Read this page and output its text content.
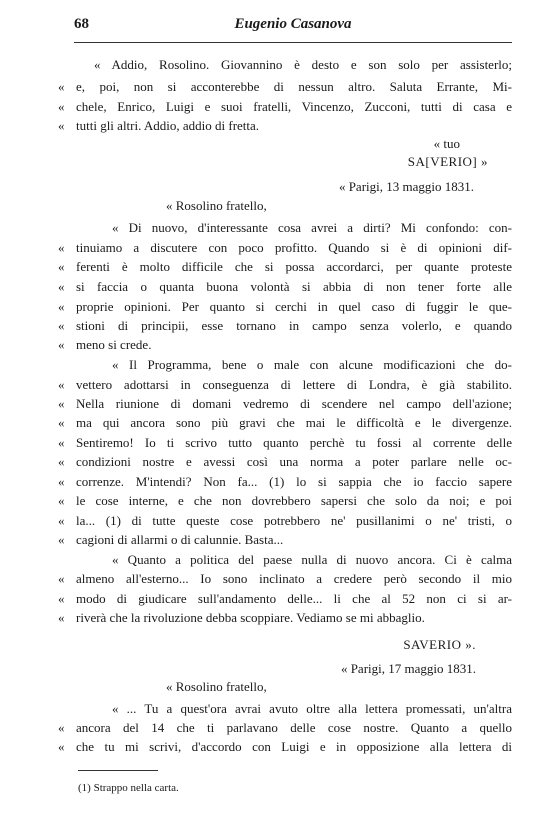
68	Eugenio Casanova
« Addio, Rosolino. Giovannino è desto e son solo per assisterlo;
« e, poi, non si acconterebbe di nessun altro. Saluta Errante, Mi-
« chele, Enrico, Luigi e suoi fratelli, Vincenzo, Zucconi, tutti di casa e
« tutti gli altri. Addio, addio di fretta.
« tuo
SA[VERIO] »
« Parigi, 13 maggio 1831.
« Rosolino fratello,
« Di nuovo, d'interessante cosa avrei a dirti? Mi confondo: con-
« tinuiamo a discutere con poco profitto. Quando si è di opinioni dif-
« ferenti è molto difficile che si possa accordarci, per quante proteste
« si faccia o quanta buona volontà si abbia di non tener forte alle
« proprie opinioni. Per quanto si cerchi in quel caso di fuggir le que-
« stioni di principii, esse tornano in campo senza volerlo, e quando
« meno si crede.
« Il Programma, bene o male con alcune modificazioni che do-
« vettero adottarsi in conseguenza di lettere di Londra, è già stabilito.
« Nella riunione di domani vedremo di scendere nel campo dell'azione;
« ma qui ancora sono più gravi che mai le difficoltà e le divergenze.
« Sentiremo! Io ti scrivo tutto quanto perchè tu fossi al corrente delle
« condizioni nostre e avessi così una norma a poter parlare nelle oc-
« correnze. M'intendi? Non fa... (1) lo si sappia che io faccio sapere
« le cose interne, e che non dovrebbero sapersi che solo da noi; e poi
« la... (1) di tutte queste cose potrebbero ne' pusillanimi o ne' tristi, o
« cagioni di allarmi o di calunnie. Basta...
« Quanto a politica del paese nulla di nuovo ancora. Ci è calma
« almeno all'esterno... Io sono inclinato a credere però secondo il mio
« modo di giudicare sull'andamento delle... li che al 52 non ci si ar-
« riverà che la rivoluzione debba scoppiare. Vediamo se mi abbaglio.
SAVERIO ».
« Parigi, 17 maggio 1831.
« Rosolino fratello,
« ... Tu a quest'ora avrai avuto oltre alla lettera promessati, un'altra
« ancora del 14 che ti parlavano delle cose nostre. Quanto a quello
« che tu mi scrivi, d'accordo con Luigi e in opposizione alla lettera di
(1) Strappo nella carta.
